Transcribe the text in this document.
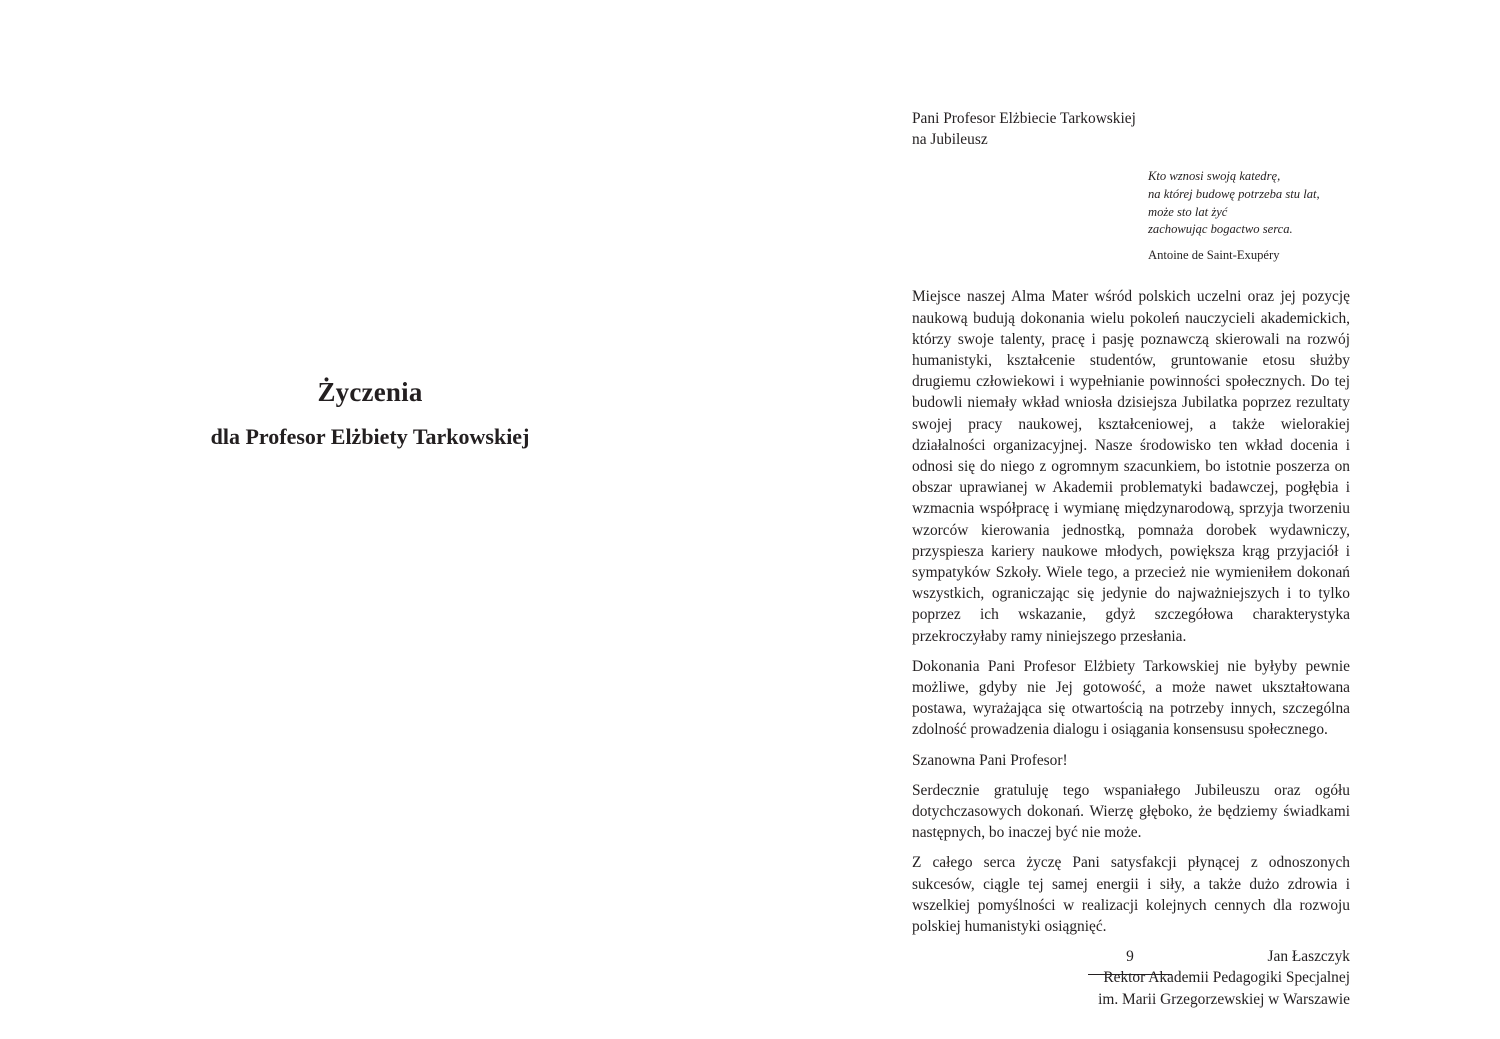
Życzenia
dla Profesor Elżbiety Tarkowskiej
Pani Profesor Elżbiecie Tarkowskiej
na Jubileusz
Kto wznosi swoją katedrę,
na której budowę potrzeba stu lat,
może sto lat żyć
zachowując bogactwo serca.
Antoine de Saint-Exupéry

Miejsce naszej Alma Mater wśród polskich uczelni oraz jej pozycję naukową budują dokonania wielu pokoleń nauczycieli akademickich, którzy swoje talenty, pracę i pasję poznawczą skierowali na rozwój humanistyki, kształcenie studentów, gruntowanie etosu służby drugiemu człowiekowi i wypełnianie powinności społecznych. Do tej budowli niemały wkład wniosła dzisiejsza Jubilatka poprzez rezultaty swojej pracy naukowej, kształceniowej, a także wielorakiej działalności organizacyjnej. Nasze środowisko ten wkład docenia i odnosi się do niego z ogromnym szacunkiem, bo istotnie poszerza on obszar uprawianej w Akademii problematyki badawczej, pogłębia i wzmacnia współpracę i wymianę międzynarodową, sprzyja tworzeniu wzorców kierowania jednostką, pomnaża dorobek wydawniczy, przyspiesza kariery naukowe młodych, powiększa krąg przyjaciół i sympatyków Szkoły. Wiele tego, a przecież nie wymieniłem dokonań wszystkich, ograniczając się jedynie do najważniejszych i to tylko poprzez ich wskazanie, gdyż szczegółowa charakterystyka przekroczyłaby ramy niniejszego przesłania.

Dokonania Pani Profesor Elżbiety Tarkowskiej nie byłyby pewnie możliwe, gdyby nie Jej gotowość, a może nawet ukształtowana postawa, wyrażająca się otwartością na potrzeby innych, szczególna zdolność prowadzenia dialogu i osiągania konsensusu społecznego.

Szanowna Pani Profesor!

Serdecznie gratuluję tego wspaniałego Jubileuszu oraz ogółu dotychczasowych dokonań. Wierzę głęboko, że będziemy świadkami następnych, bo inaczej być nie może.

Z całego serca życzę Pani satysfakcji płynącej z odnoszonych sukcesów, ciągle tej samej energii i siły, a także dużo zdrowia i wszelkiej pomyślności w realizacji kolejnych cennych dla rozwoju polskiej humanistyki osiągnięć.

Jan Łaszczyk
Rektor Akademii Pedagogiki Specjalnej
im. Marii Grzegorzewskiej w Warszawie
9
